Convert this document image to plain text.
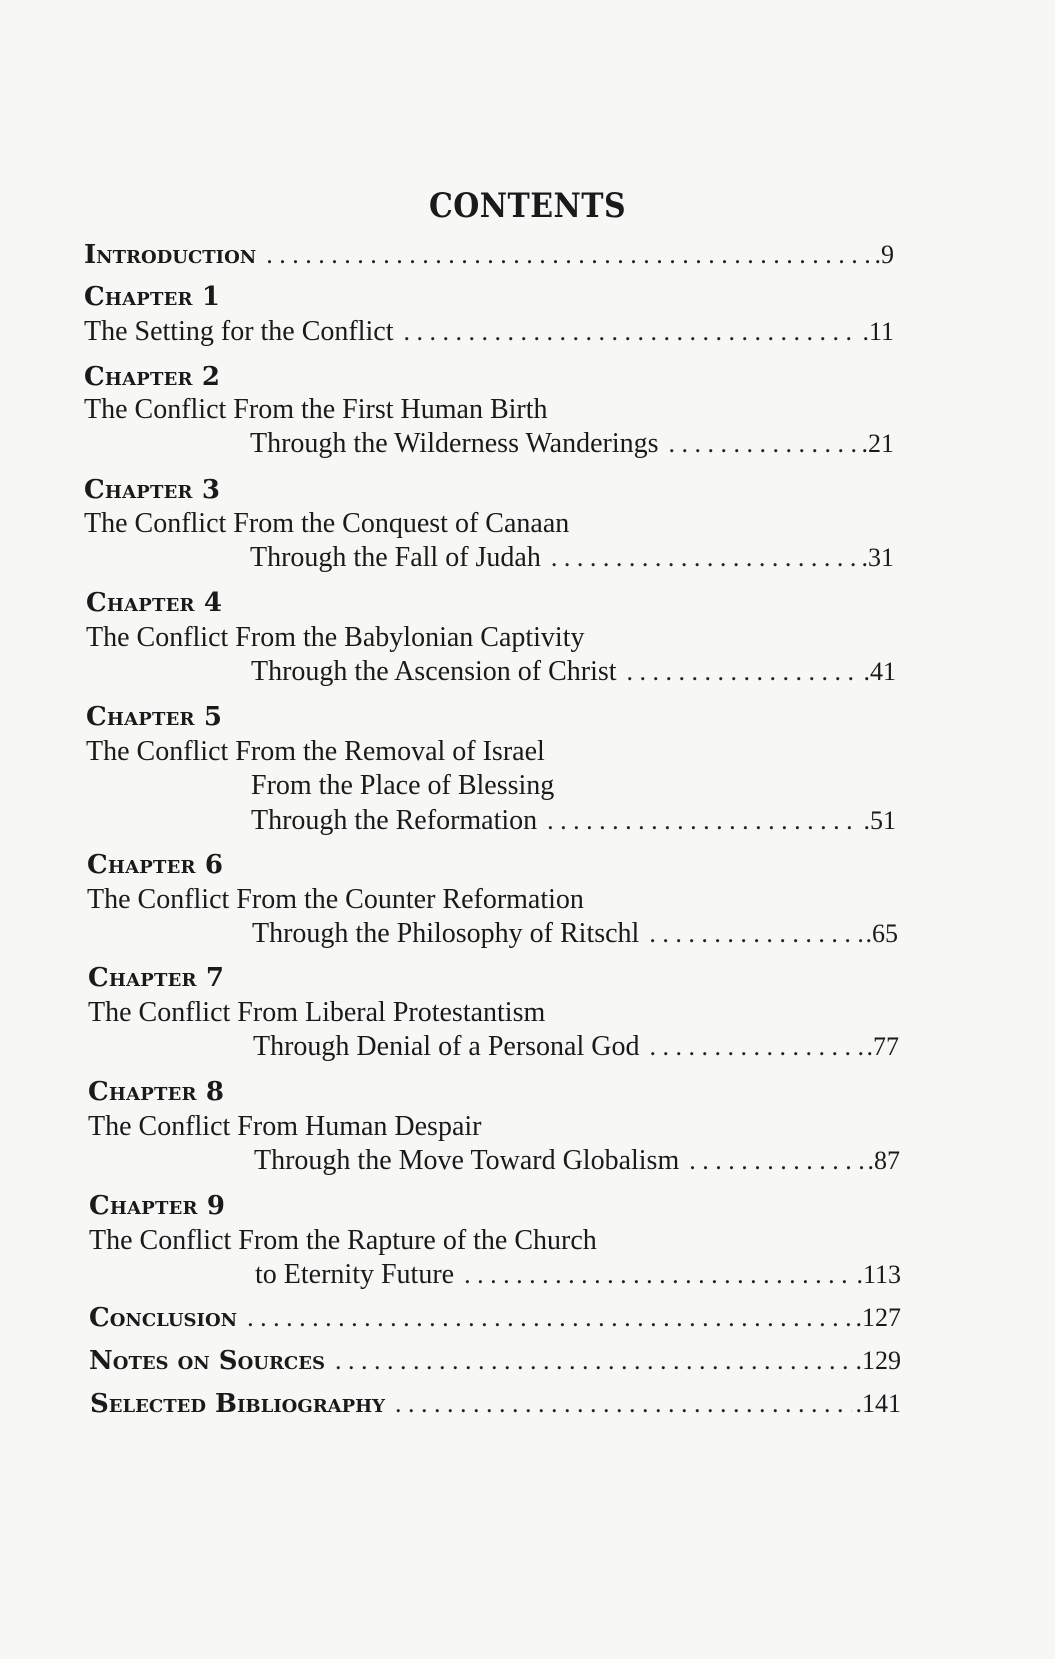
CONTENTS
Introduction . . .	.9
Chapter 1
The Setting for the Conflict . . .	.11
Chapter 2
The Conflict From the First Human Birth
Through the Wilderness Wanderings . . .	.21
Chapter 3
The Conflict From the Conquest of Canaan
Through the Fall of Judah . . .	.31
Chapter 4
The Conflict From the Babylonian Captivity
Through the Ascension of Christ . . .	.41
Chapter 5
The Conflict From the Removal of Israel
From the Place of Blessing
Through the Reformation . . .	.51
Chapter 6
The Conflict From the Counter Reformation
Through the Philosophy of Ritschl . . .	.65
Chapter 7
The Conflict From Liberal Protestantism
Through Denial of a Personal God . . .	.77
Chapter 8
The Conflict From Human Despair
Through the Move Toward Globalism . . .	.87
Chapter 9
The Conflict From the Rapture of the Church
to Eternity Future . . .	.113
Conclusion . . .	.127
Notes on Sources . . .	.129
Selected Bibliography . . .	.141
